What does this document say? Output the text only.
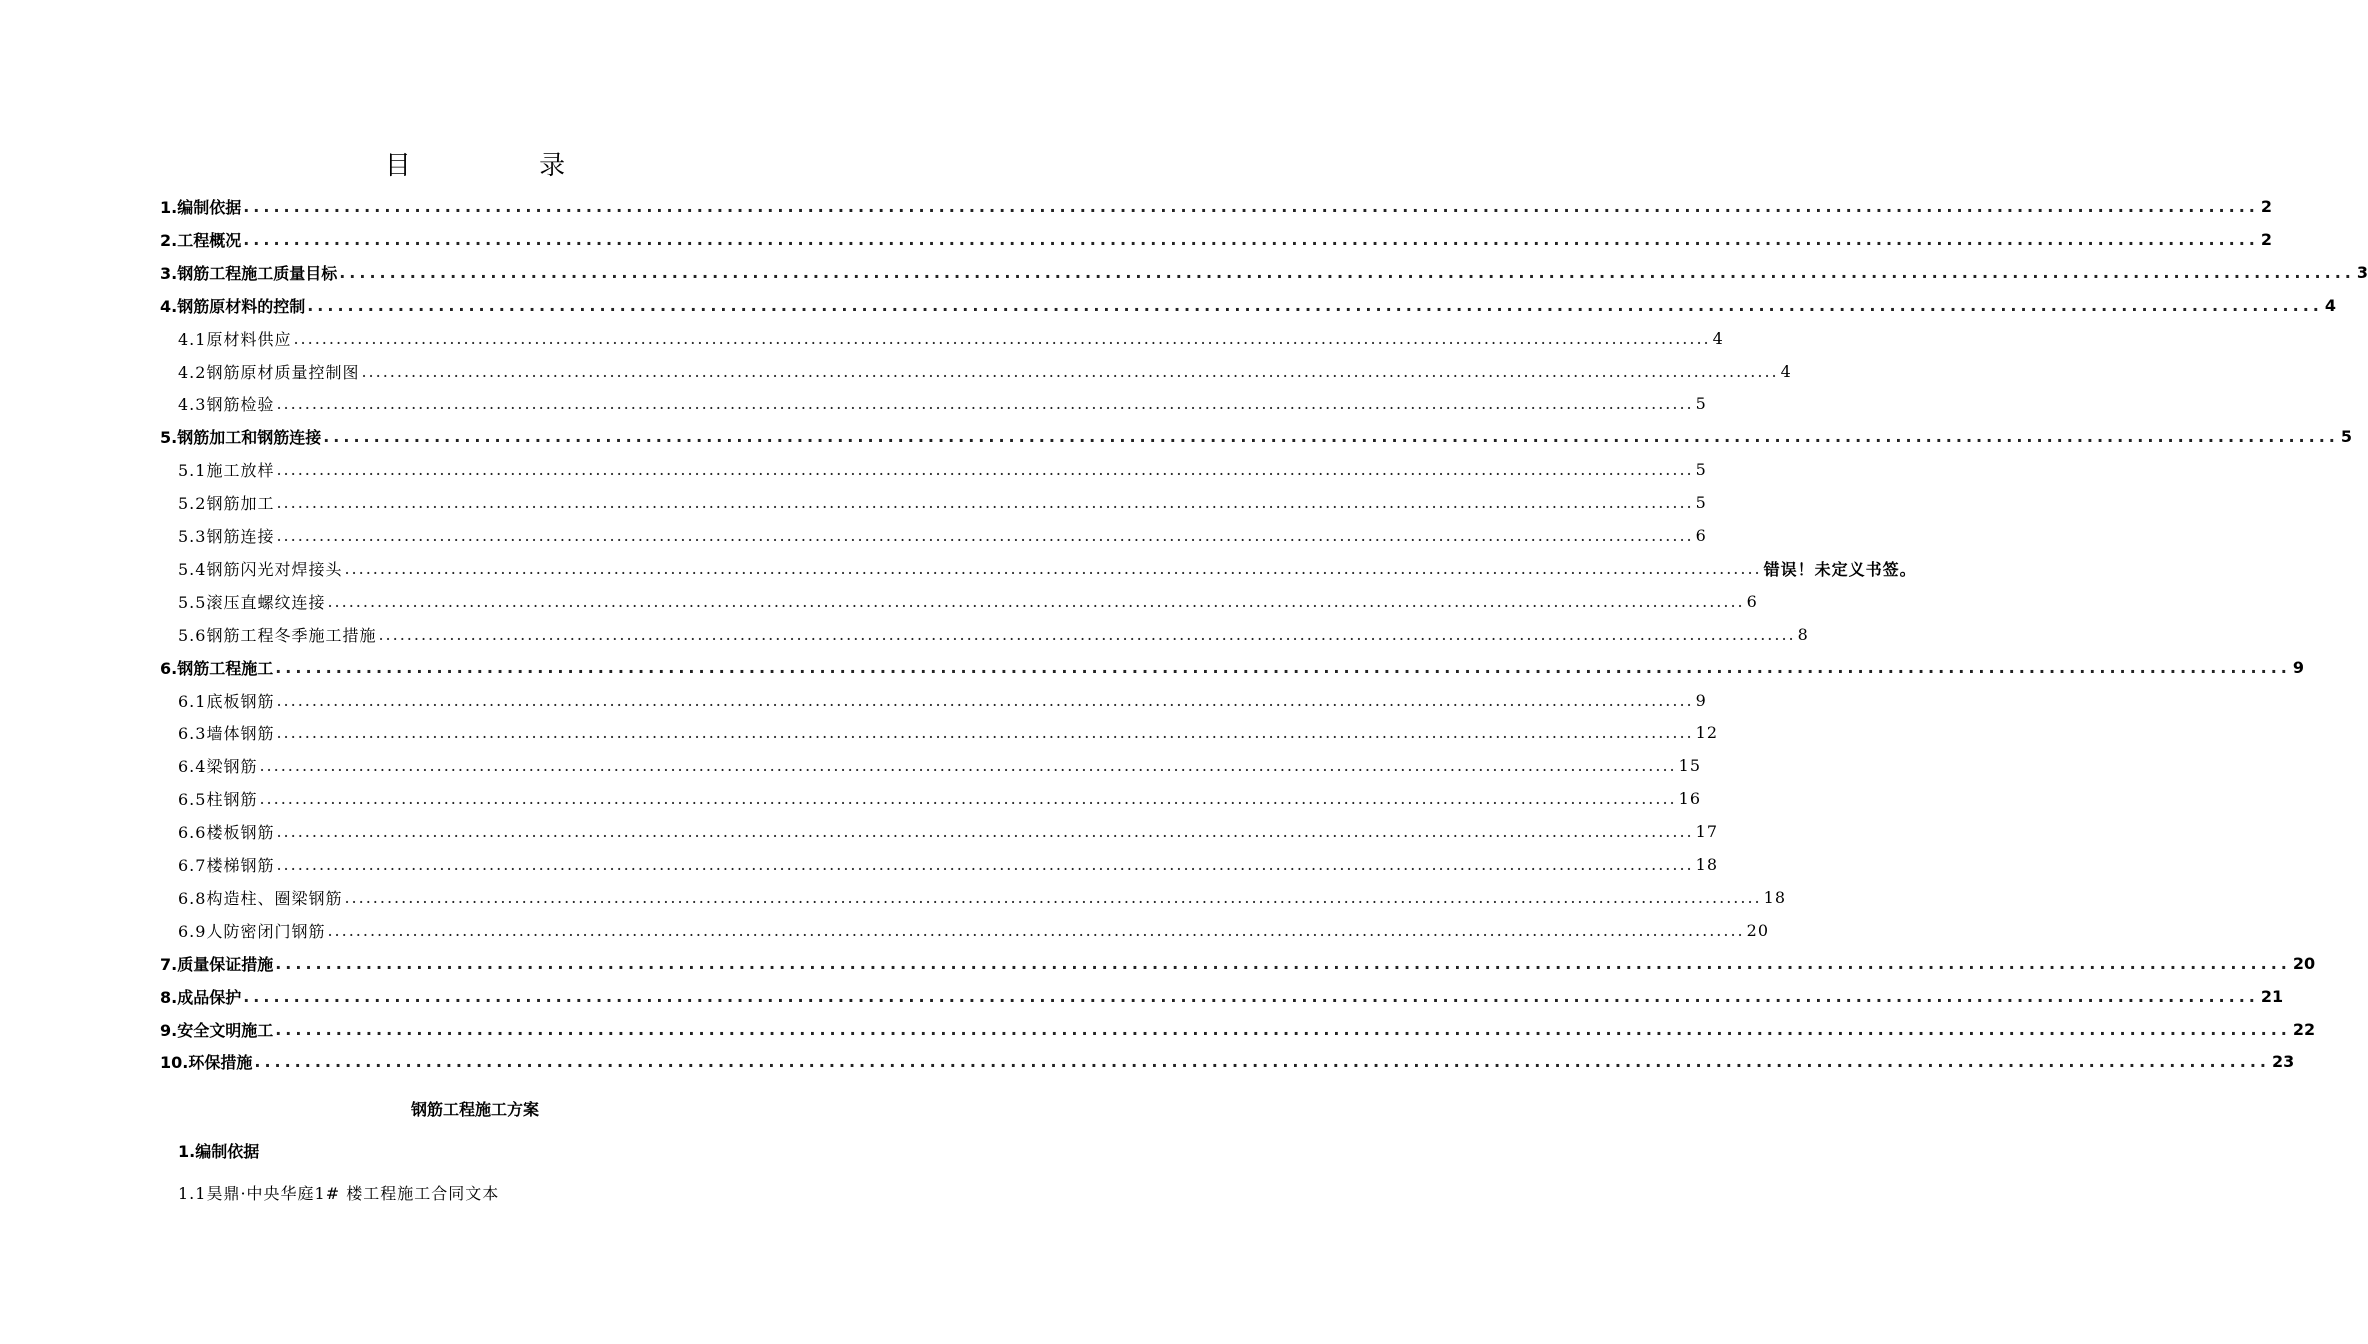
目 录
1.编制依据 ........................................................................................................................................................................................................ 2
2.工程概况 ........................................................................................................................................................................................................ 2
3.钢筋工程施工质量目标 ........................................................................................................................................................................................................ 3
4.钢筋原材料的控制 ........................................................................................................................................................................................................ 4
4.1原材料供应 ........................................................................................................................................................................................................ 4
4.2钢筋原材质量控制图 ........................................................................................................................................................................................................ 4
4.3钢筋检验 ........................................................................................................................................................................................................ 5
5.钢筋加工和钢筋连接 ........................................................................................................................................................................................................ 5
5.1施工放样 ........................................................................................................................................................................................................ 5
5.2钢筋加工 ........................................................................................................................................................................................................ 5
5.3钢筋连接 ........................................................................................................................................................................................................ 6
5.4钢筋闪光对焊接头 ........................................................................................................................................................................................................ 错误！未定义书签。
5.5滚压直螺纹连接 ........................................................................................................................................................................................................ 6
5.6钢筋工程冬季施工措施 ........................................................................................................................................................................................................ 8
6.钢筋工程施工 ........................................................................................................................................................................................................ 9
6.1底板钢筋 ........................................................................................................................................................................................................ 9
6.3墙体钢筋 ........................................................................................................................................................................................................ 12
6.4梁钢筋 ........................................................................................................................................................................................................ 15
6.5柱钢筋 ........................................................................................................................................................................................................ 16
6.6楼板钢筋 ........................................................................................................................................................................................................ 17
6.7楼梯钢筋 ........................................................................................................................................................................................................ 18
6.8构造柱、圈梁钢筋 ........................................................................................................................................................................................................ 18
6.9人防密闭门钢筋 ........................................................................................................................................................................................................ 20
7.质量保证措施 ........................................................................................................................................................................................................ 20
8.成品保护 ........................................................................................................................................................................................................ 21
9.安全文明施工 ........................................................................................................................................................................................................ 22
10.环保措施 ........................................................................................................................................................................................................ 23
钢筋工程施工方案
1.编制依据
1.1昊鼎·中央华庭1# 楼工程施工合同文本
